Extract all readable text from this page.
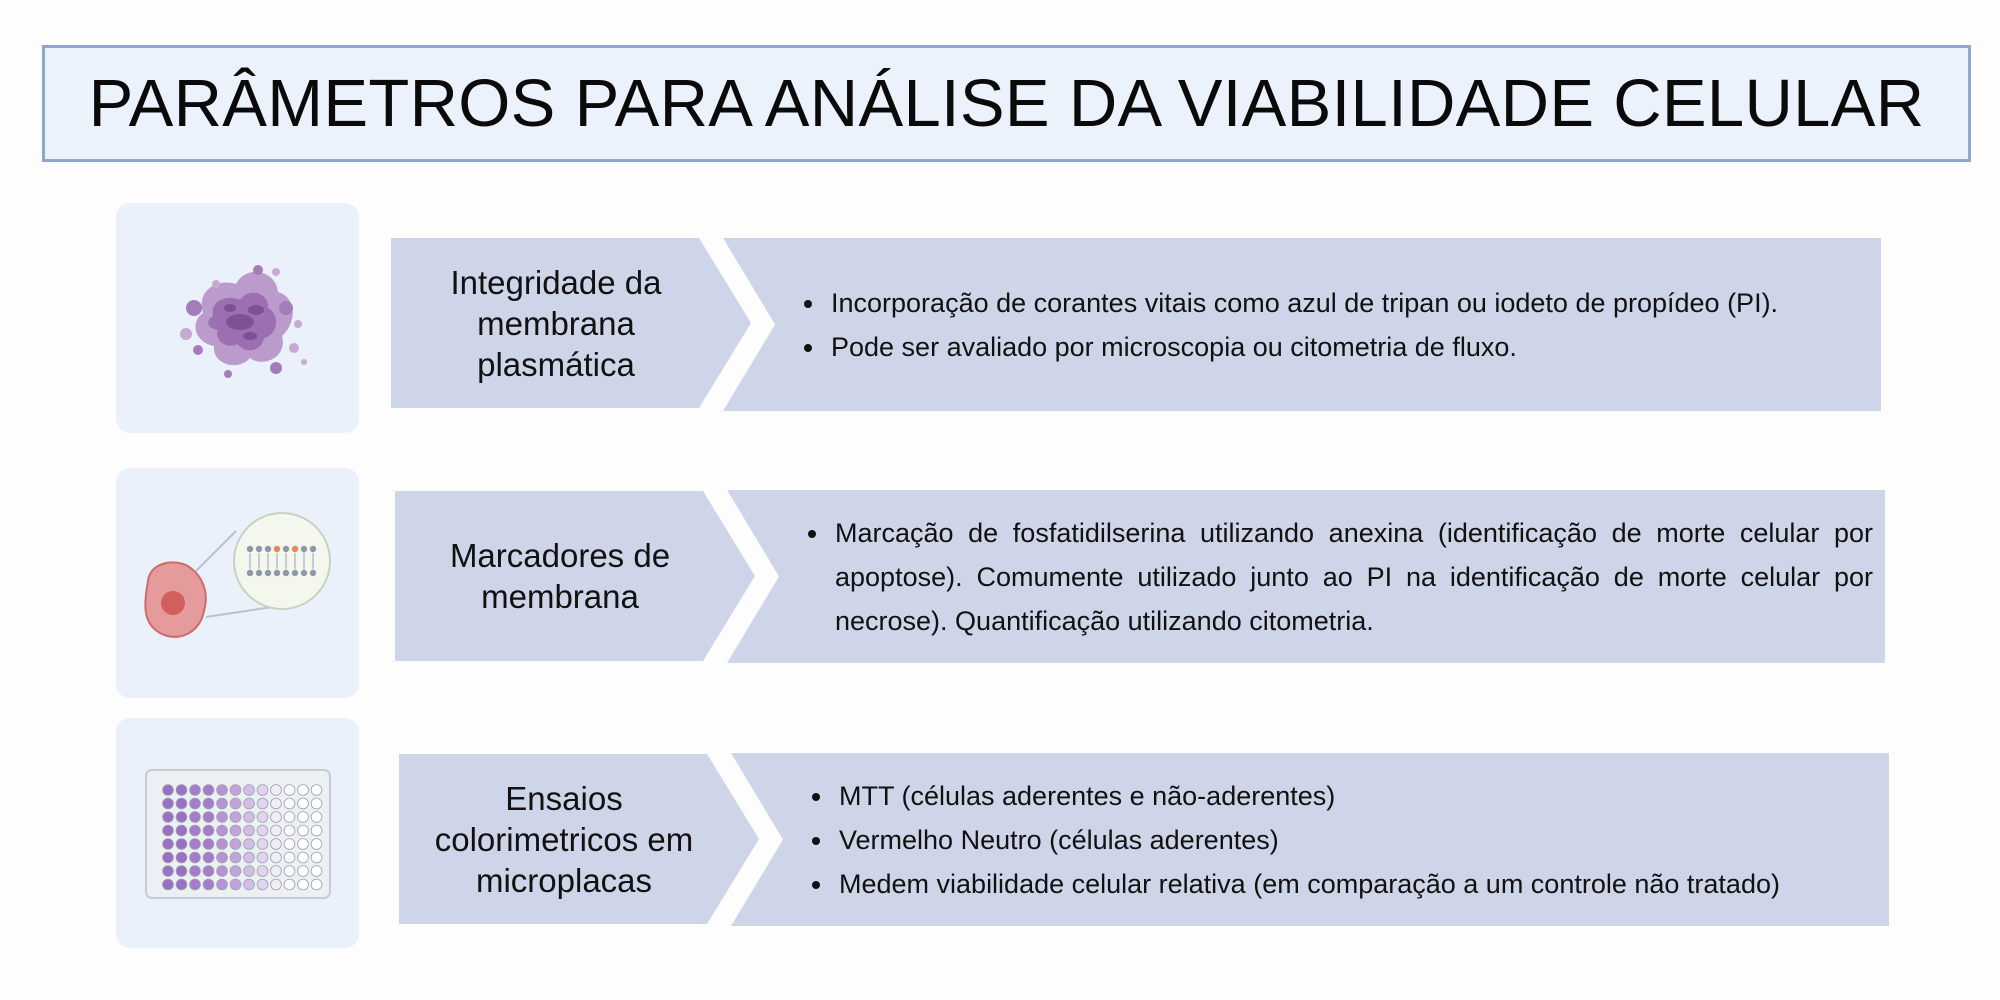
PARÂMETROS PARA ANÁLISE DA VIABILIDADE CELULAR
Integridade da membrana plasmática
• Incorporação de corantes vitais como azul de tripan ou iodeto de propídeo (PI).
• Pode ser avaliado por microscopia ou citometria de fluxo.
Marcadores de membrana
• Marcação de fosfatidilserina utilizando anexina (identificação de morte celular por apoptose). Comumente utilizado junto ao PI na identificação de morte celular por necrose). Quantificação utilizando citometria.
Ensaios colorimetricos em microplacas
• MTT (células aderentes e não-aderentes)
• Vermelho Neutro (células aderentes)
• Medem viabilidade celular relativa (em comparação a um controle não tratado)
